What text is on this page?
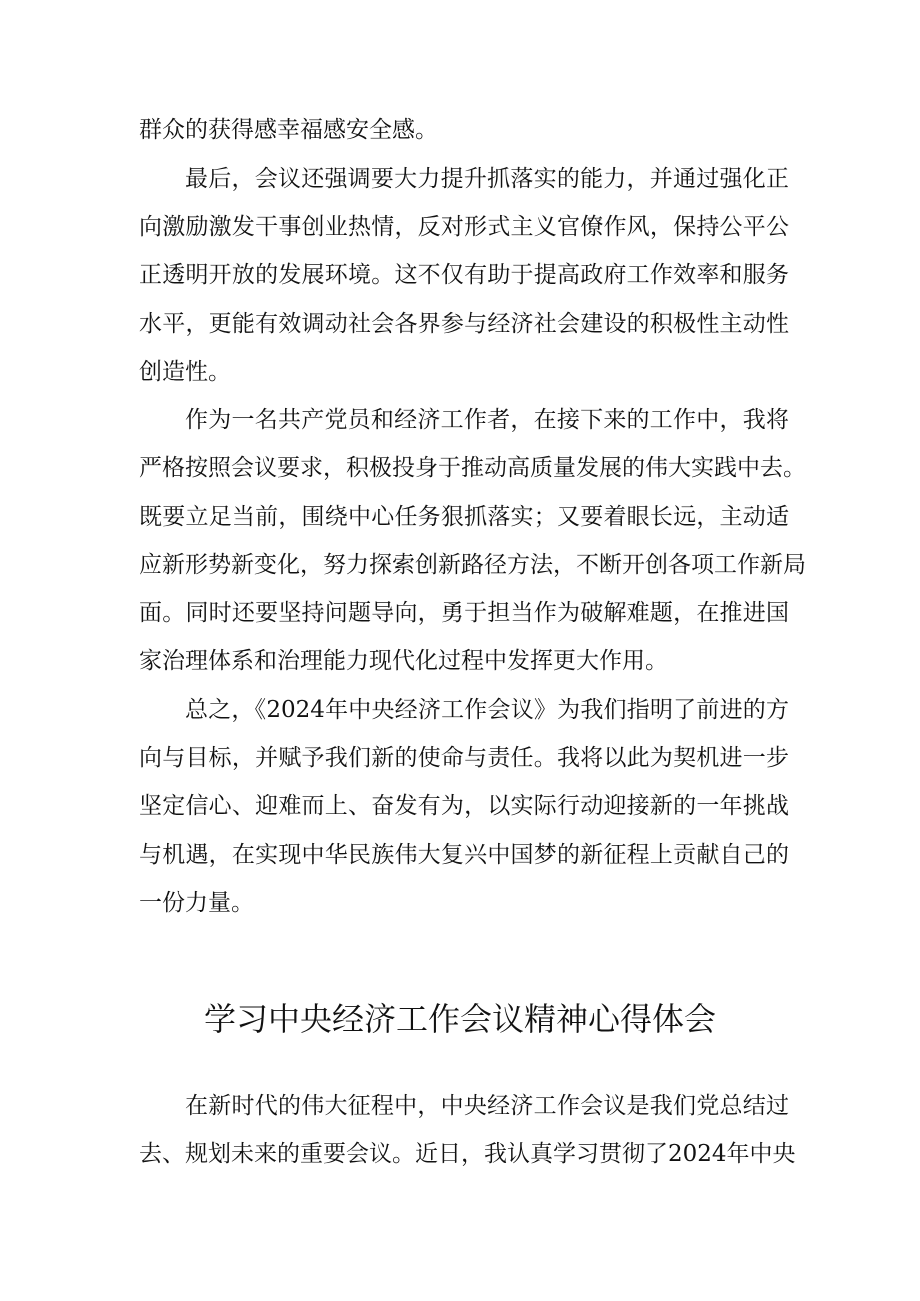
群众的获得感幸福感安全感。
最后，会议还强调要大力提升抓落实的能力，并通过强化正
向激励激发干事创业热情，反对形式主义官僚作风，保持公平公
正透明开放的发展环境。这不仅有助于提高政府工作效率和服务
水平，更能有效调动社会各界参与经济社会建设的积极性主动性
创造性。
作为一名共产党员和经济工作者，在接下来的工作中，我将
严格按照会议要求，积极投身于推动高质量发展的伟大实践中去。
既要立足当前，围绕中心任务狠抓落实；又要着眼长远，主动适
应新形势新变化，努力探索创新路径方法，不断开创各项工作新局
面。同时还要坚持问题导向，勇于担当作为破解难题，在推进国
家治理体系和治理能力现代化过程中发挥更大作用。
总之，《2024年中央经济工作会议》为我们指明了前进的方
向与目标，并赋予我们新的使命与责任。我将以此为契机进一步
坚定信心、迎难而上、奋发有为，以实际行动迎接新的一年挑战
与机遇，在实现中华民族伟大复兴中国梦的新征程上贡献自己的
一份力量。
学习中央经济工作会议精神心得体会
在新时代的伟大征程中，中央经济工作会议是我们党总结过
去、规划未来的重要会议。近日，我认真学习贯彻了2024年中央
